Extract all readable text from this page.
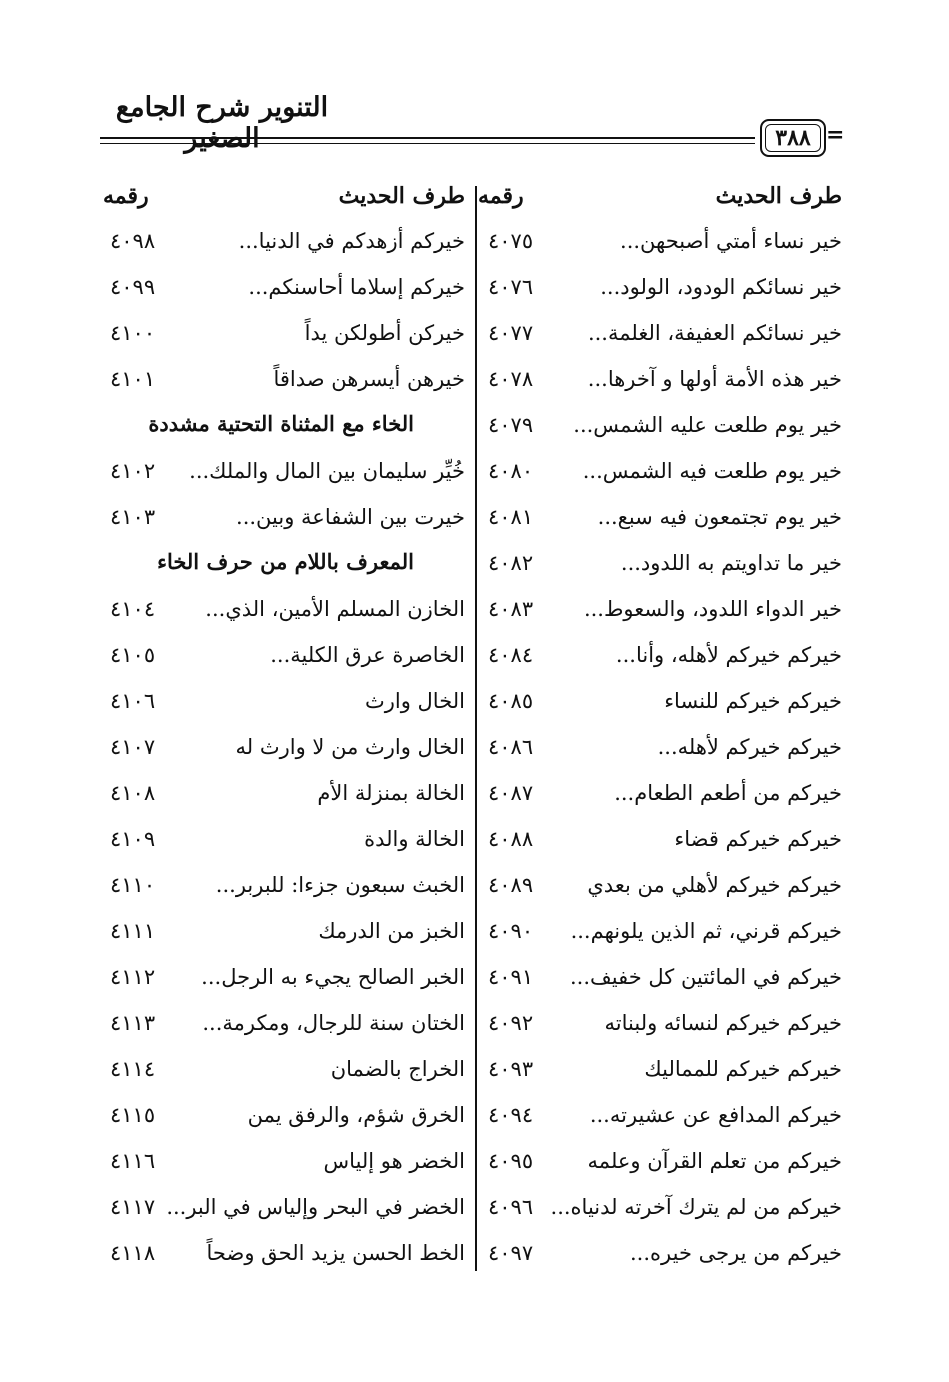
التنوير شرح الجامع
٣٨٨ =
طرف الحديث
رقمه
طرف الحديث
رقمه
خير نساء أمتي أصبحهن...
٤٠٧٥
خير نسائكم الودود، الولود...
٤٠٧٦
خير نسائكم العفيفة، الغلمة...
٤٠٧٧
خير هذه الأمة أولها و آخرها...
٤٠٧٨
خير يوم طلعت عليه الشمس...
٤٠٧٩
خير يوم طلعت فيه الشمس...
٤٠٨٠
خير يوم تجتمعون فيه سبع...
٤٠٨١
خير ما تداويتم به اللدود...
٤٠٨٢
خير الدواء اللدود، والسعوط...
٤٠٨٣
خيركم خيركم لأهله، وأنا...
٤٠٨٤
خيركم خيركم للنساء
٤٠٨٥
خيركم خيركم لأهله...
٤٠٨٦
خيركم من أطعم الطعام...
٤٠٨٧
خيركم خيركم قضاء
٤٠٨٨
خيركم خيركم لأهلي من بعدي
٤٠٨٩
خيركم قرني، ثم الذين يلونهم...
٤٠٩٠
خيركم في المائتين كل خفيف...
٤٠٩١
خيركم خيركم لنسائه ولبناته
٤٠٩٢
خيركم خيركم للمماليك
٤٠٩٣
خيركم المدافع عن عشيرته...
٤٠٩٤
خيركم من تعلم القرآن وعلمه
٤٠٩٥
خيركم من لم يترك آخرته لدنياه...
٤٠٩٦
خيركم من يرجى خيره...
٤٠٩٧
خيركم أزهدكم في الدنيا...
٤٠٩٨
خيركم إسلاما أحاسنكم...
٤٠٩٩
خيركن أطولكن يداً
٤١٠٠
خيرهن أيسرهن صداقاً
٤١٠١
خُيِّر سليمان بين المال والملك...
٤١٠٢
خيرت بين الشفاعة وبين...
٤١٠٣
الخازن المسلم الأمين، الذي...
٤١٠٤
الخاصرة عرق الكلية...
٤١٠٥
الخال وارث
٤١٠٦
الخال وارث من لا وارث له
٤١٠٧
الخالة بمنزلة الأم
٤١٠٨
الخالة والدة
٤١٠٩
الخبث سبعون جزءا: للبربر...
٤١١٠
الخبز من الدرمك
٤١١١
الخبر الصالح يجيء به الرجل...
٤١١٢
الختان سنة للرجال، ومكرمة...
٤١١٣
الخراج بالضمان
٤١١٤
الخرق شؤم، والرفق يمن
٤١١٥
الخضر هو إلياس
٤١١٦
الخضر في البحر وإلياس في البر...
٤١١٧
الخط الحسن يزيد الحق وضحاً
٤١١٨
الخاء مع المثناة التحتية مشددة
المعرف باللام من حرف الخاء
